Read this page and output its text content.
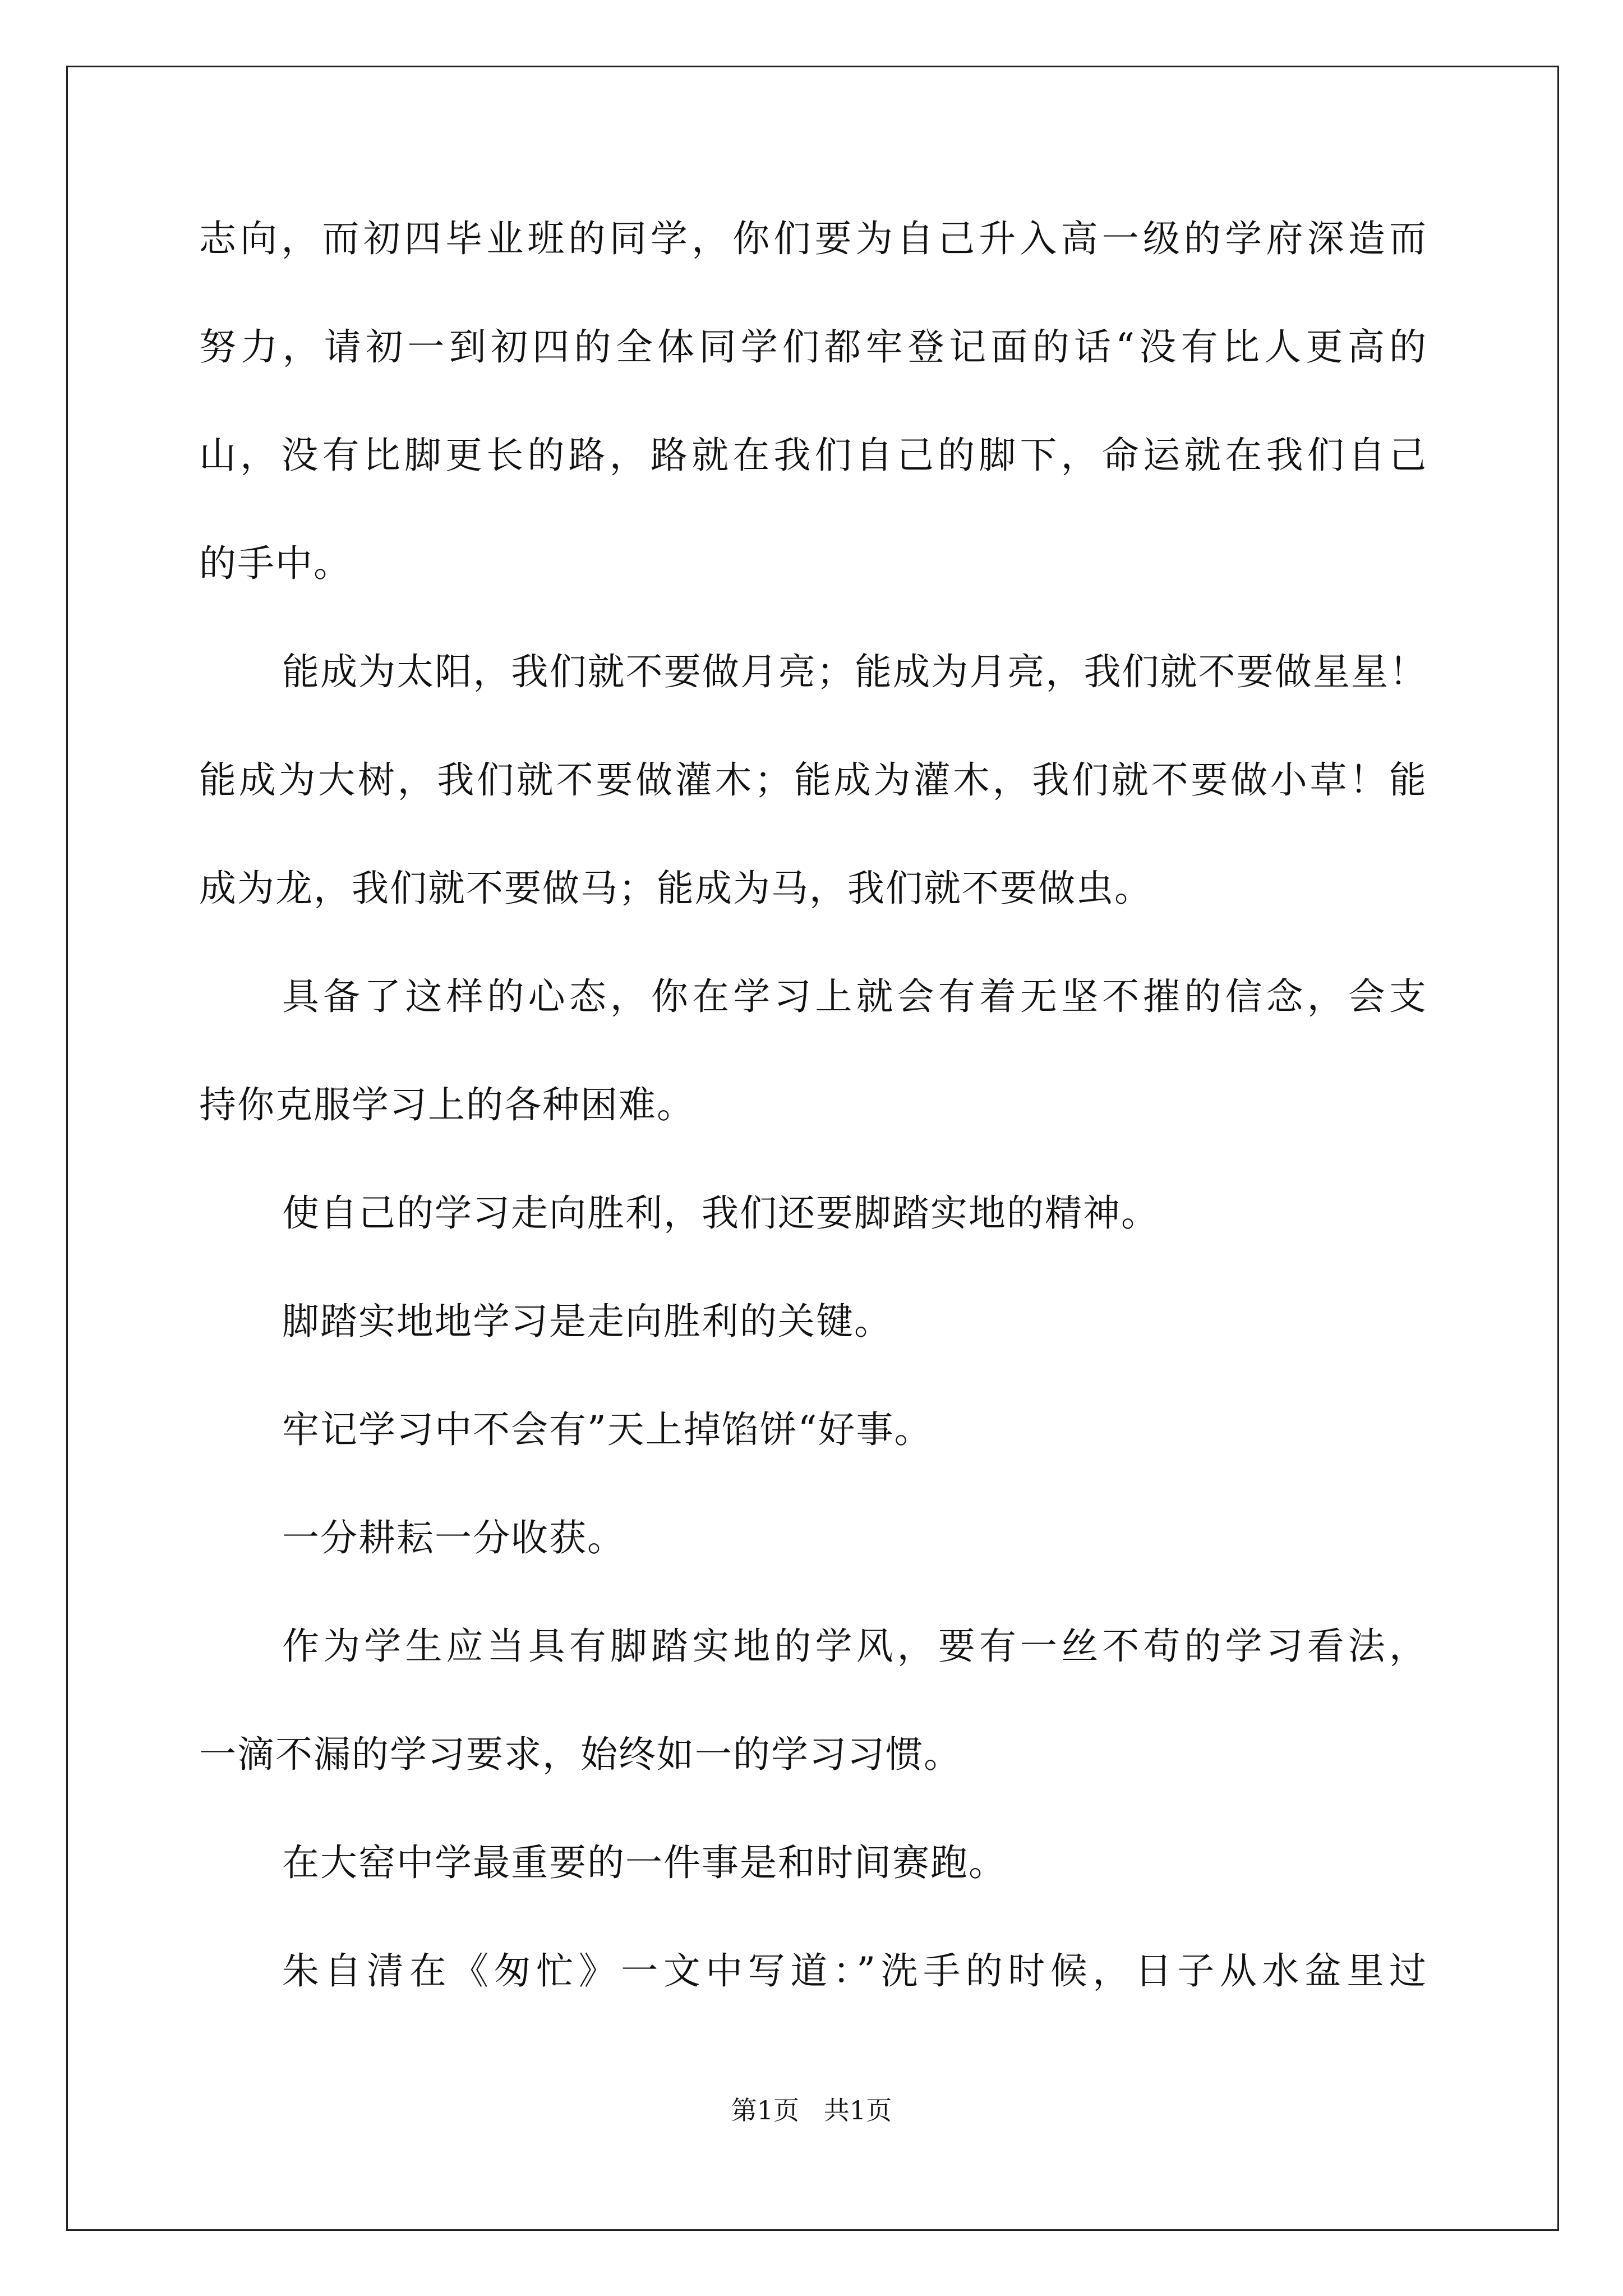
志向，而初四毕业班的同学，你们要为自己升入高一级的学府深造而
努力，请初一到初四的全体同学们都牢登记面的话“没有比人更高的
山，没有比脚更长的路，路就在我们自己的脚下，命运就在我们自己
的手中。
能成为太阳，我们就不要做月亮；能成为月亮，我们就不要做星星！
能成为大树，我们就不要做灌木；能成为灌木，我们就不要做小草！能
成为龙，我们就不要做马；能成为马，我们就不要做虫。
具备了这样的心态，你在学习上就会有着无坚不摧的信念，会支
持你克服学习上的各种困难。
使自己的学习走向胜利，我们还要脚踏实地的精神。
脚踏实地地学习是走向胜利的关键。
牢记学习中不会有”天上掉馅饼“好事。
一分耕耘一分收获。
作为学生应当具有脚踏实地的学风，要有一丝不苟的学习看法，
一滴不漏的学习要求，始终如一的学习习惯。
在大窑中学最重要的一件事是和时间赛跑。
朱自清在《匆忙》一文中写道：”洗手的时候，日子从水盆里过
第1页   共1页
